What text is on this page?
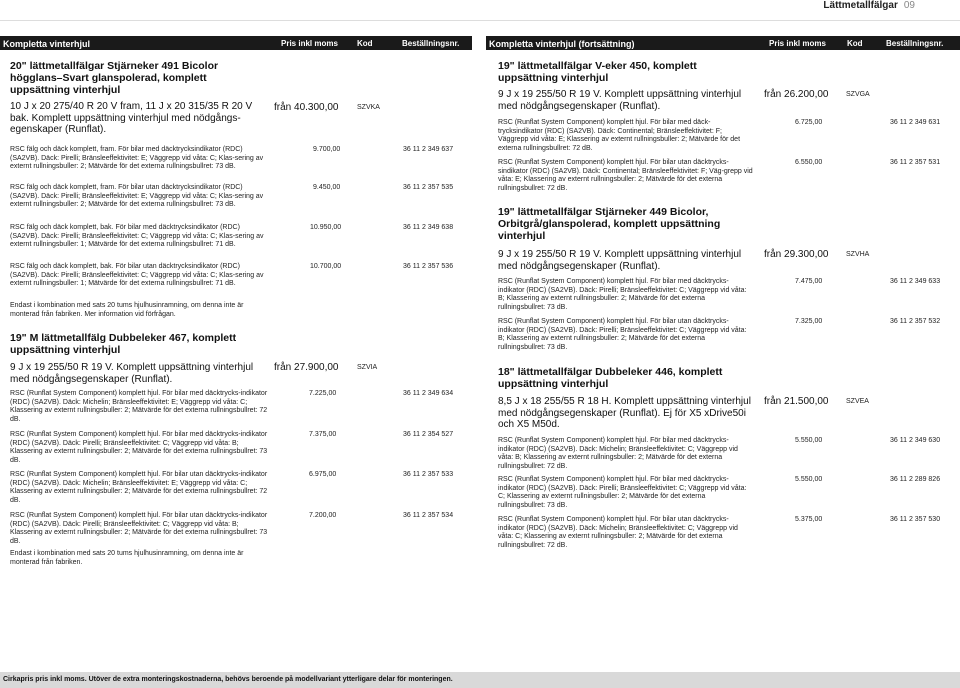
Lättmetallfälgar 09
Kompletta vinterhjul	Pris inkl moms Kod	Beställningsnr.	Kompletta vinterhjul (fortsättning)	Pris inkl moms	Kod	Beställningsnr.
20" lättmetallfälgar Stjärneker 491 Bicolor högglans–Svart glanspolerad, komplett uppsättning vinterhjul
10 J x 20 275/40 R 20 V fram, 11 J x 20 315/35 R 20 V bak. Komplett uppsättning vinterhjul med nödgångs-egenskaper (Runflat).
från 40.300,00	SZVKA
RSC fälg och däck komplett, fram. För bilar med däcktrycksindikator (RDC) (SA2VB). Däck: Pirelli; Bränsleeffektivitet: E; Väggrepp vid våta: C; Klas-sering av externt rullningsbuller: 2; Mätvärde för det externa rullningsbullret: 73 dB.
9.700,00	36 11 2 349 637
RSC fälg och däck komplett, fram. För bilar utan däcktrycksindikator (RDC) (SA2VB). Däck: Pirelli; Bränsleeffektivitet: E; Väggrepp vid våta: C; Klas-sering av externt rullningsbuller: 2; Mätvärde för det externa rullningsbullret: 73 dB.
9.450,00	36 11 2 357 535
RSC fälg och däck komplett, bak. För bilar med däcktrycksindikator (RDC) (SA2VB). Däck: Pirelli; Bränsleeffektivitet: C; Väggrepp vid våta: C; Klas-sering av externt rullningsbuller: 1; Mätvärde för det externa rullningsbullret: 71 dB.
10.950,00	36 11 2 349 638
RSC fälg och däck komplett, bak. För bilar utan däcktrycksindikator (RDC) (SA2VB). Däck: Pirelli; Bränsleeffektivitet: C; Väggrepp vid våta: C; Klas-sering av externt rullningsbuller: 1; Mätvärde för det externa rullningsbullret: 71 dB.
10.700,00	36 11 2 357 536
Endast i kombination med sats 20 tums hjulhusinramning, om denna inte är monterad från fabriken. Mer information vid förfrågan.
19" M lättmetallfälg Dubbeleker 467, komplett uppsättning vinterhjul
9 J x 19 255/50 R 19 V. Komplett uppsättning vinterhjul med nödgångsegenskaper (Runflat).
från 27.900,00	SZVIA
RSC (Runflat System Component) komplett hjul. För bilar med däcktrycks-indikator (RDC) (SA2VB). Däck: Michelin; Bränsleeffektivitet: E; Väggrepp vid våta: C; Klassering av externt rullningsbuller: 2; Mätvärde för det externa rullningsbullret: 72 dB.
7.225,00	36 11 2 349 634
RSC (Runflat System Component) komplett hjul. För bilar med däcktrycks-indikator (RDC) (SA2VB). Däck: Pirelli; Bränsleeffektivitet: C; Väggrepp vid våta: B; Klassering av externt rullningsbuller: 2; Mätvärde för det externa rullningsbullret: 73 dB.
7.375,00	36 11 2 354 527
RSC (Runflat System Component) komplett hjul. För bilar utan däcktrycks-indikator (RDC) (SA2VB). Däck: Michelin; Bränsleeffektivitet: E; Väggrepp vid våta: C; Klassering av externt rullningsbuller: 2; Mätvärde för det externa rullningsbullret: 72 dB.
6.975,00	36 11 2 357 533
RSC (Runflat System Component) komplett hjul. För bilar utan däcktrycks-indikator (RDC) (SA2VB). Däck: Pirelli; Bränsleeffektivitet: C; Väggrepp vid våta: B; Klassering av externt rullningsbuller: 2; Mätvärde för det externa rullningsbullret: 73 dB.
7.200,00	36 11 2 357 534
Endast i kombination med sats 20 tums hjulhusinramning, om denna inte är monterad från fabriken.
19" lättmetallfälgar V-eker 450, komplett uppsättning vinterhjul
9 J x 19 255/50 R 19 V. Komplett uppsättning vinterhjul med nödgångsegenskaper (Runflat).
från 26.200,00	SZVGA
RSC (Runflat System Component) komplett hjul. För bilar med däck-trycksindikator (RDC) (SA2VB). Däck: Continental; Bränsleeffektivitet: F; Väggrepp vid våta: E; Klassering av externt rullningsbuller: 2; Mätvärde för det externa rullningsbullret: 72 dB.
6.725,00	36 11 2 349 631
RSC (Runflat System Component) komplett hjul. För bilar utan däcktrycks-sindikator (RDC) (SA2VB). Däck: Continental; Bränsleeffektivitet: F; Väg-grepp vid våta: E; Klassering av externt rullningsbuller: 2; Mätvärde för det externa rullningsbullret: 72 dB.
6.550,00	36 11 2 357 531
19" lättmetallfälgar Stjärneker 449 Bicolor, Orbitgrå/glanspolerad, komplett uppsättning vinterhjul
9 J x 19 255/50 R 19 V. Komplett uppsättning vinterhjul med nödgångsegenskaper (Runflat).
från 29.300,00	SZVHA
RSC (Runflat System Component) komplett hjul. För bilar med däcktrycks-indikator (RDC) (SA2VB). Däck: Pirelli; Bränsleeffektivitet: C; Väggrepp vid våta: B; Klassering av externt rullningsbuller: 2; Mätvärde för det externa rullningsbullret: 73 dB.
7.475,00	36 11 2 349 633
RSC (Runflat System Component) komplett hjul. För bilar utan däcktrycks-indikator (RDC) (SA2VB). Däck: Pirelli; Bränsleeffektivitet: C; Väggrepp vid våta: B; Klassering av externt rullningsbuller: 2; Mätvärde för det externa rullningsbullret: 73 dB.
7.325,00	36 11 2 357 532
18" lättmetallfälgar Dubbeleker 446, komplett uppsättning vinterhjul
8,5 J x 18 255/55 R 18 H. Komplett uppsättning vinterhjul med nödgångsegenskaper (Runflat). Ej för X5 xDrive50i och X5 M50d.
från 21.500,00	SZVEA
RSC (Runflat System Component) komplett hjul. För bilar med däcktrycks-indikator (RDC) (SA2VB). Däck: Michelin; Bränsleeffektivitet: C; Väggrepp vid våta: B; Klassering av externt rullningsbuller: 2; Mätvärde för det externa rullningsbullret: 72 dB.
5.550,00	36 11 2 349 630
RSC (Runflat System Component) komplett hjul. För bilar med däcktrycks-indikator (RDC) (SA2VB). Däck: Pirelli; Bränsleeffektivitet: C; Väggrepp vid våta: C; Klassering av externt rullningsbuller: 2; Mätvärde för det externa rullningsbullret: 73 dB.
5.550,00	36 11 2 289 826
RSC (Runflat System Component) komplett hjul. För bilar utan däcktrycks-indikator (RDC) (SA2VB). Däck: Michelin; Bränsleeffektivitet: C; Väggrepp vid våta: C; Klassering av externt rullningsbuller: 2; Mätvärde för det externa rullningsbullret: 72 dB.
5.375,00	36 11 2 357 530
Cirkapris pris inkl moms. Utöver de extra monteringskostnaderna, behövs beroende på modellvariant ytterligare delar för monteringen.
